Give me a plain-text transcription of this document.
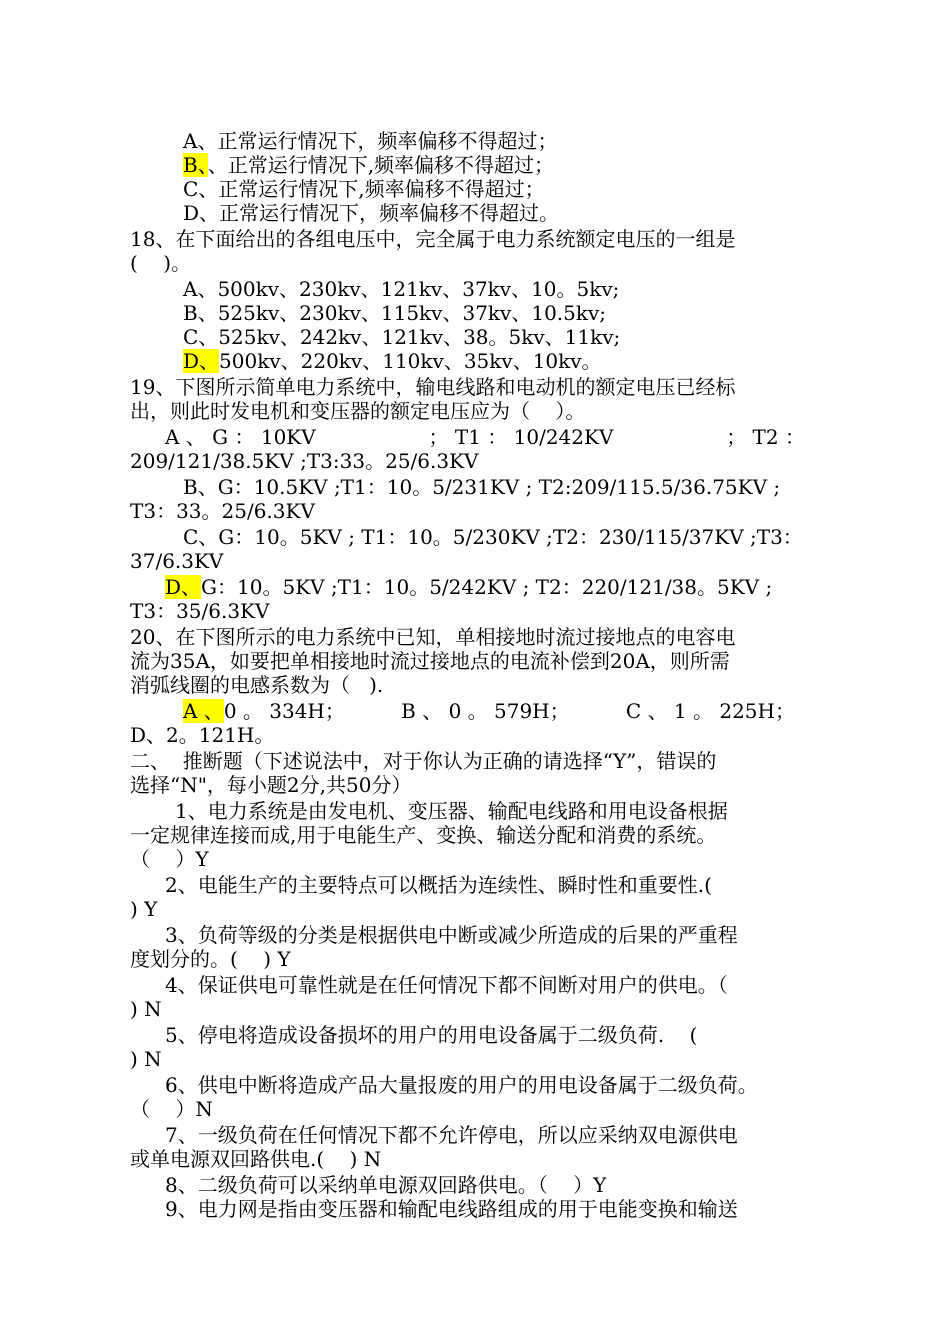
A、正常运行情况下，频率偏移不得超过；
B、、正常运行情况下,频率偏移不得超过；
C、正常运行情况下,频率偏移不得超过；
D、正常运行情况下，频率偏移不得超过。
18、在下面给出的各组电压中，完全属于电力系统额定电压的一组是
(    )。
A、500kv、230kv、121kv、37kv、10。5kv;
B、525kv、230kv、115kv、37kv、10.5kv;
C、525kv、242kv、121kv、38。5kv、11kv;
D、500kv、220kv、110kv、35kv、10kv。
19、下图所示简单电力系统中，输电线路和电动机的额定电压已经标
出，则此时发电机和变压器的额定电压应为（    ）。
A 、 G ： 10KV	； T1 ： 10/242KV	； T2 ：
209/121/38.5KV ;T3:33。25/6.3KV
B、G：10.5KV ;T1：10。5/231KV ; T2:209/115.5/36.75KV ;
T3：33。25/6.3KV
C、G：10。5KV ; T1：10。5/230KV ;T2：230/115/37KV ;T3：
37/6.3KV
D、G：10。5KV ;T1：10。5/242KV ; T2：220/121/38。5KV ;
T3：35/6.3KV
20、在下图所示的电力系统中已知，单相接地时流过接地点的电容电
流为35A，如要把单相接地时流过接地点的电流补偿到20A，则所需
消弧线圈的电感系数为（   ).
A 、0 。 334H；	B 、 0 。 579H；	C 、 1 。 225H；
D、2。121H。
二、  推断题（下述说法中，对于你认为正确的请选择“Y”，错误的
选择“N"，每小题2分,共50分）
1、电力系统是由发电机、变压器、输配电线路和用电设备根据
一定规律连接而成,用于电能生产、变换、输送分配和消费的系统。
（    ）Y
2、电能生产的主要特点可以概括为连续性、瞬时性和重要性.(
) Y
3、负荷等级的分类是根据供电中断或减少所造成的后果的严重程
度划分的。(    ) Y
4、保证供电可靠性就是在任何情况下都不间断对用户的供电。（
) N
5、停电将造成设备损坏的用户的用电设备属于二级负荷.    (
) N
6、供电中断将造成产品大量报废的用户的用电设备属于二级负荷。
（    ）N
7、一级负荷在任何情况下都不允许停电，所以应采纳双电源供电
或单电源双回路供电.(    ) N
8、二级负荷可以采纳单电源双回路供电。（    ）Y
9、电力网是指由变压器和输配电线路组成的用于电能变换和输送
